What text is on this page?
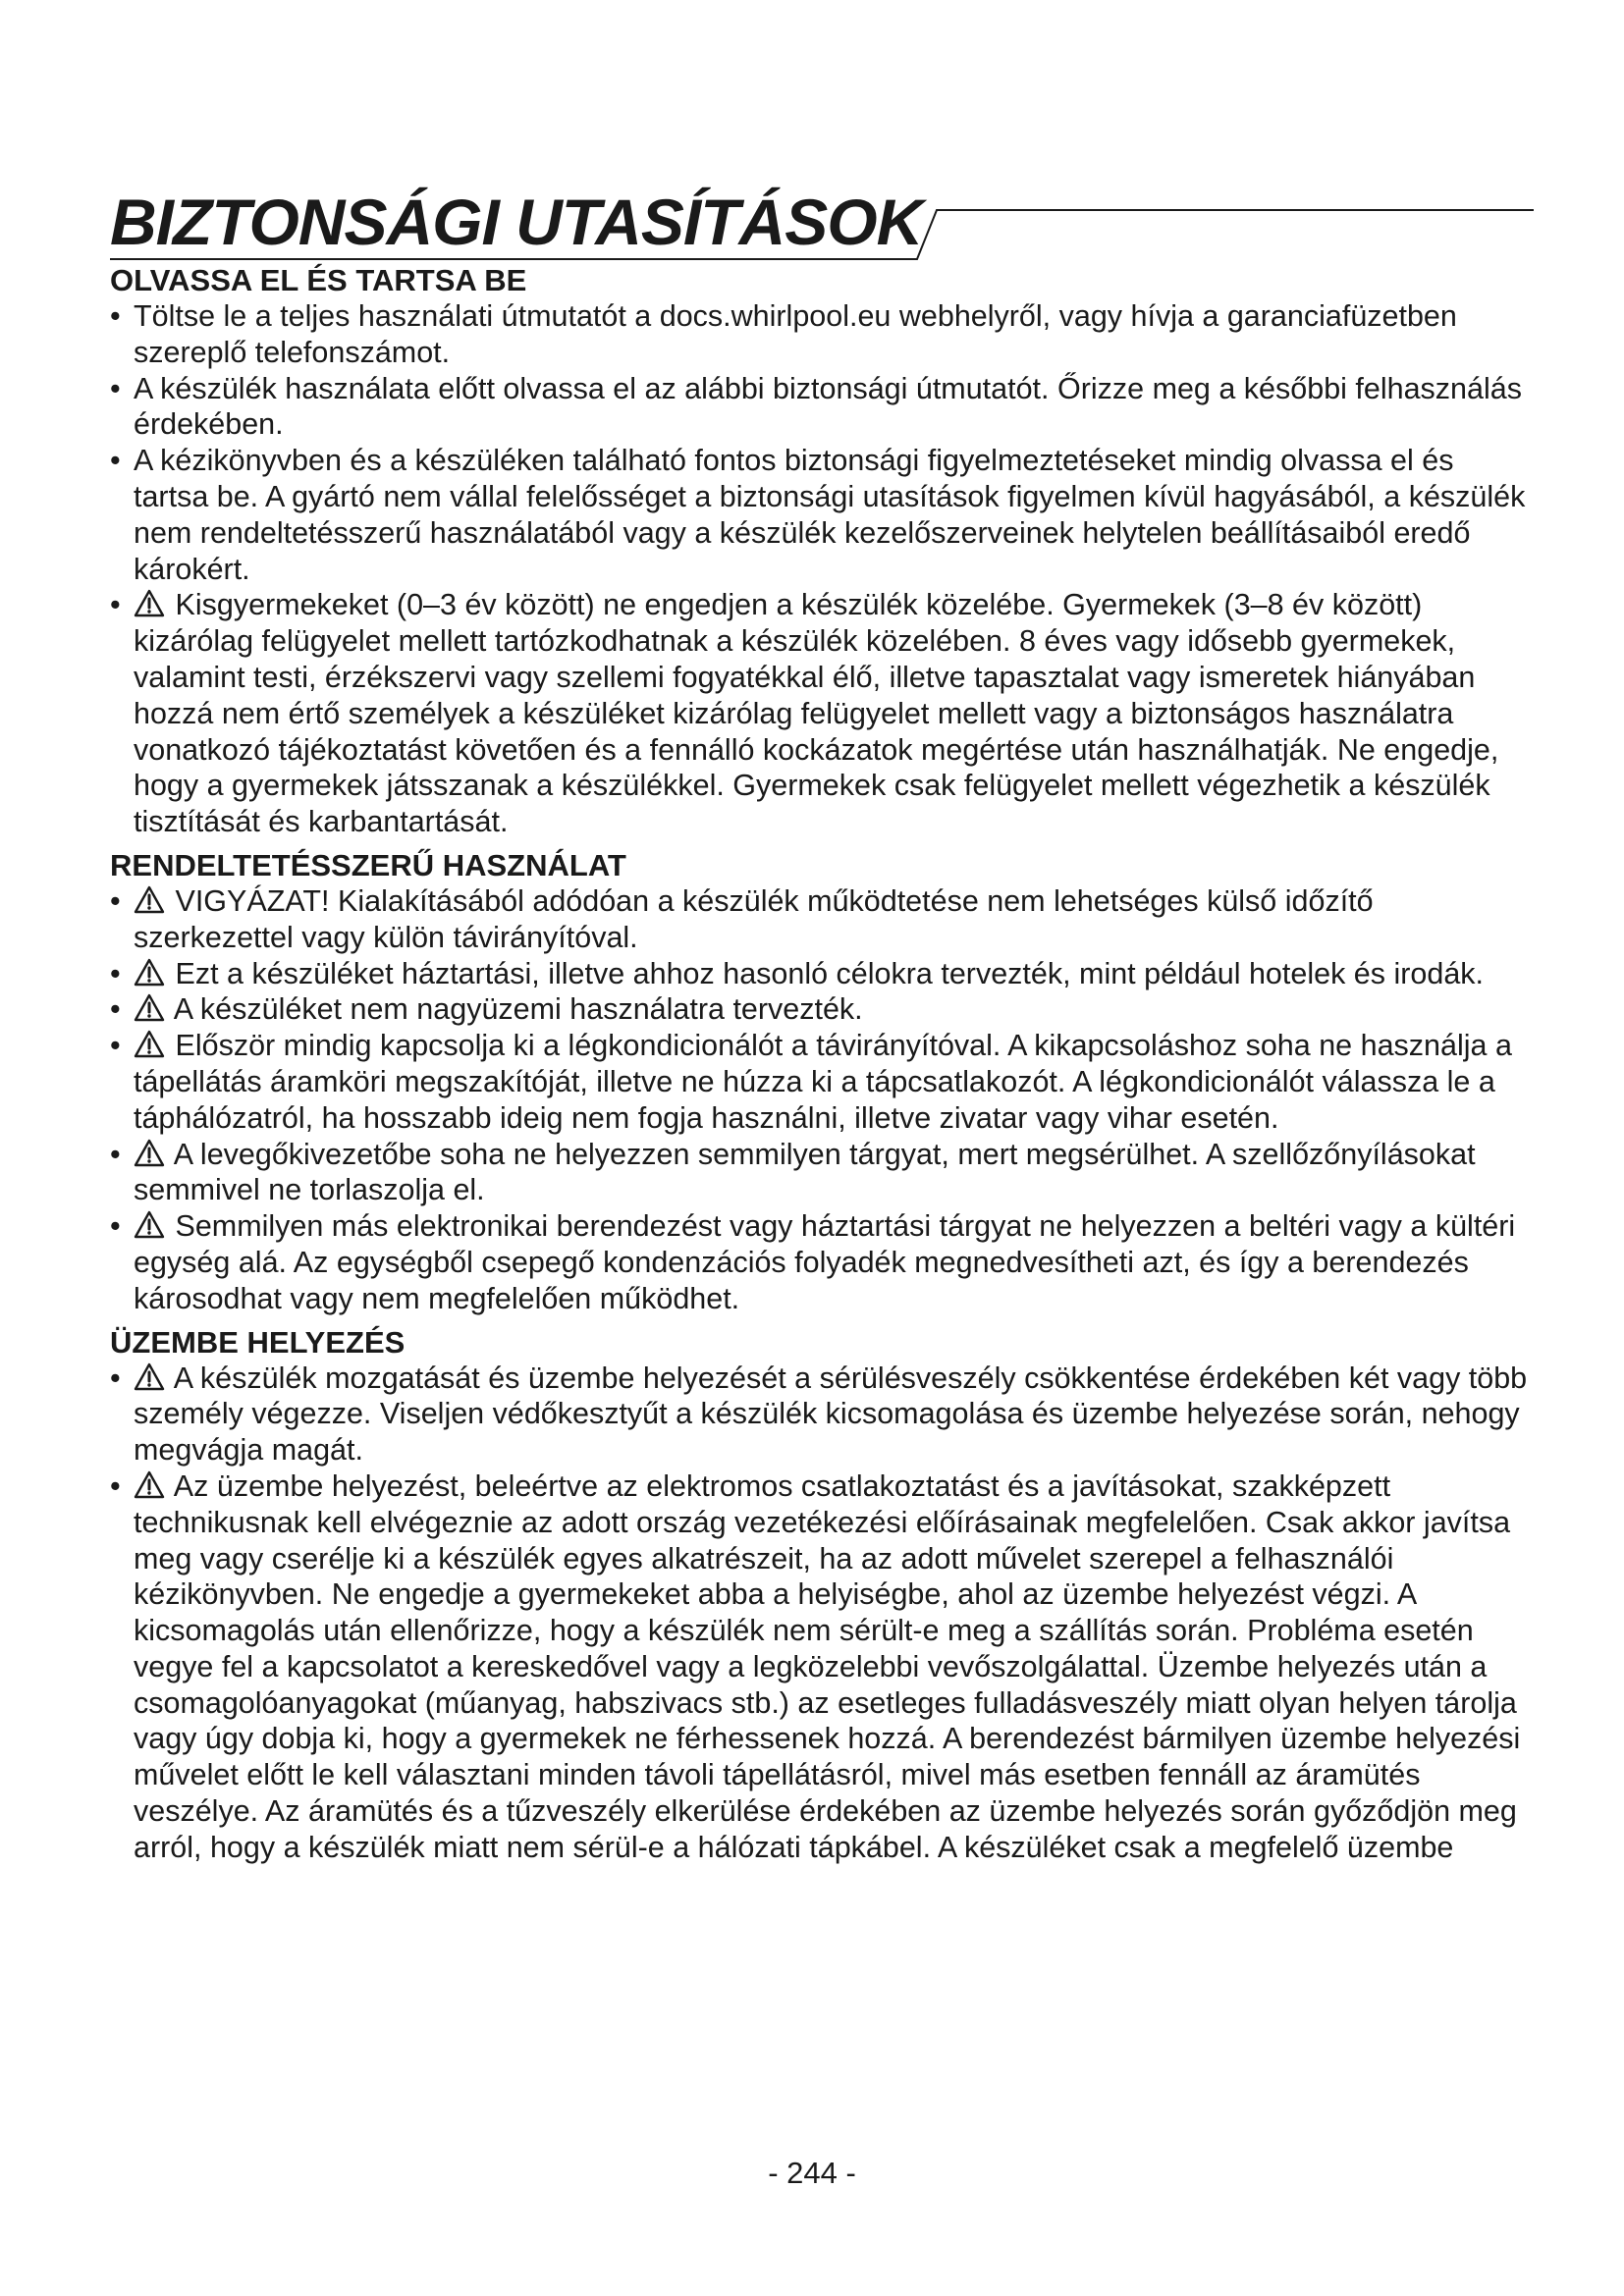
BIZTONSÁGI UTASÍTÁSOK
OLVASSA EL ÉS TARTSA BE
• Töltse le a teljes használati útmutatót a docs.whirlpool.eu webhelyről, vagy hívja a garanciafüzetben szereplő telefonszámot.
• A készülék használata előtt olvassa el az alábbi biztonsági útmutatót. Őrizze meg a későbbi felhasználás érdekében.
• A kézikönyvben és a készüléken található fontos biztonsági figyelmeztetéseket mindig olvassa el és tartsa be. A gyártó nem vállal felelősséget a biztonsági utasítások figyelmen kívül hagyásából, a készülék nem rendeltetésszerű használatából vagy a készülék kezelőszerveinek helytelen beállításaiból eredő károkért.
• Kisgyermekeket (0–3 év között) ne engedjen a készülék közelébe. Gyermekek (3–8 év között) kizárólag felügyelet mellett tartózkodhatnak a készülék közelében. 8 éves vagy idősebb gyermekek, valamint testi, érzékszervi vagy szellemi fogyatékkal élő, illetve tapasztalat vagy ismeretek hiányában hozzá nem értő személyek a készüléket kizárólag felügyelet mellett vagy a biztonságos használatra vonatkozó tájékoztatást követően és a fennálló kockázatok megértése után használhatják. Ne engedje, hogy a gyermekek játsszanak a készülékkel. Gyermekek csak felügyelet mellett végezhetik a készülék tisztítását és karbantartását.
RENDELTETÉSSZERŰ HASZNÁLAT
• VIGYÁZAT! Kialakításából adódóan a készülék működtetése nem lehetséges külső időzítő szerkezettel vagy külön távirányítóval.
• Ezt a készüléket háztartási, illetve ahhoz hasonló célokra tervezték, mint például hotelek és irodák.
• A készüléket nem nagyüzemi használatra tervezték.
• Először mindig kapcsolja ki a légkondicionálót a távirányítóval. A kikapcsoláshoz soha ne használja a tápellátás áramköri megszakítóját, illetve ne húzza ki a tápcsatlakozót. A légkondicionálót válassza le a táphálózatról, ha hosszabb ideig nem fogja használni, illetve zivatar vagy vihar esetén.
• A levegőkivezetőbe soha ne helyezzen semmilyen tárgyat, mert megsérülhet. A szellőzőnyílásokat semmivel ne torlaszolja el.
• Semmilyen más elektronikai berendezést vagy háztartási tárgyat ne helyezzen a beltéri vagy a kültéri egység alá. Az egységből csepegő kondenzációs folyadék megnedvesítheti azt, és így a berendezés károsodhat vagy nem megfelelően működhet.
ÜZEMBE HELYEZÉS
• A készülék mozgatását és üzembe helyezését a sérülésveszély csökkentése érdekében két vagy több személy végezze. Viseljen védőkesztyűt a készülék kicsomagolása és üzembe helyezése során, nehogy megvágja magát.
• Az üzembe helyezést, beleértve az elektromos csatlakoztatást és a javításokat, szakképzett technikusnak kell elvégeznie az adott ország vezetékezési előírásainak megfelelően. Csak akkor javítsa meg vagy cserélje ki a készülék egyes alkatrészeit, ha az adott művelet szerepel a felhasználói kézikönyvben. Ne engedje a gyermekeket abba a helyiségbe, ahol az üzembe helyezést végzi. A kicsomagolás után ellenőrizze, hogy a készülék nem sérült-e meg a szállítás során. Probléma esetén vegye fel a kapcsolatot a kereskedővel vagy a legközelebbi vevőszolgálattal. Üzembe helyezés után a csomagolóanyagokat (műanyag, habszivacs stb.) az esetleges fulladásveszély miatt olyan helyen tárolja vagy úgy dobja ki, hogy a gyermekek ne férhessenek hozzá. A berendezést bármilyen üzembe helyezési művelet előtt le kell választani minden távoli tápellátásról, mivel más esetben fennáll az áramütés veszélye. Az áramütés és a tűzveszély elkerülése érdekében az üzembe helyezés során győződjön meg arról, hogy a készülék miatt nem sérül-e a hálózati tápkábel. A készüléket csak a megfelelő üzembe
- 244 -
